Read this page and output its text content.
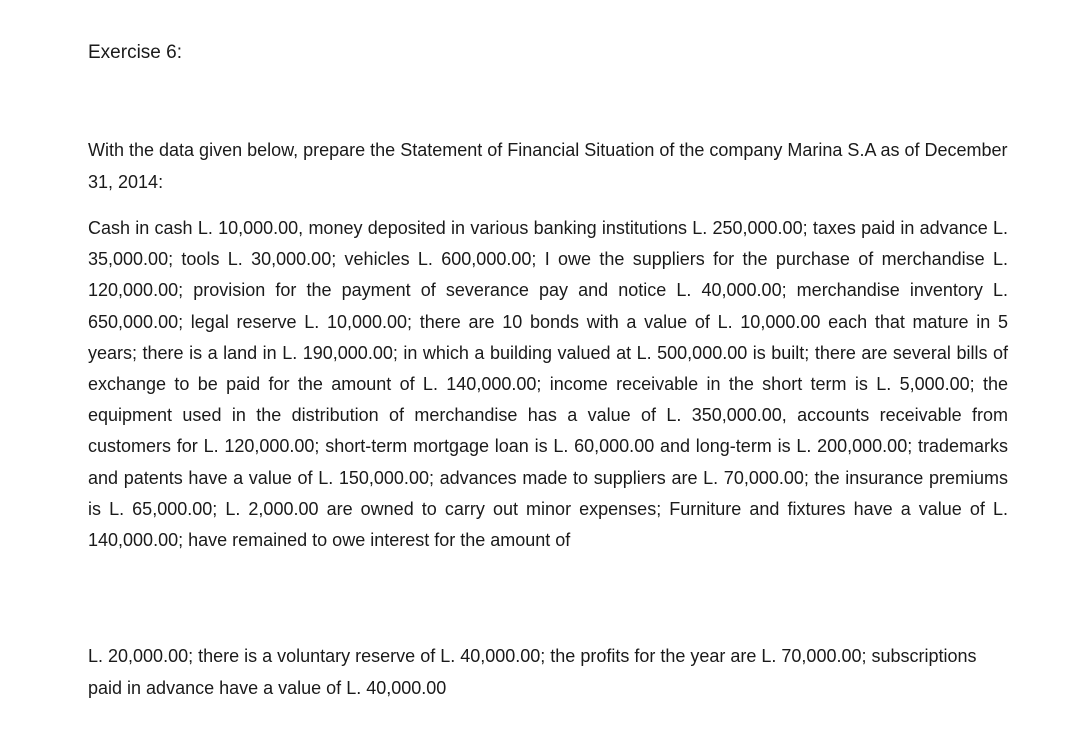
Exercise 6:

With the data given below, prepare the Statement of Financial Situation of the company Marina S.A as of December 31, 2014:

Cash in cash L. 10,000.00, money deposited in various banking institutions L. 250,000.00; taxes paid in advance L. 35,000.00; tools L. 30,000.00; vehicles L. 600,000.00; I owe the suppliers for the purchase of merchandise L. 120,000.00; provision for the payment of severance pay and notice L. 40,000.00; merchandise inventory L. 650,000.00; legal reserve L. 10,000.00; there are 10 bonds with a value of L. 10,000.00 each that mature in 5 years; there is a land in L. 190,000.00; in which a building valued at L. 500,000.00 is built; there are several bills of exchange to be paid for the amount of L. 140,000.00; income receivable in the short term is L. 5,000.00; the equipment used in the distribution of merchandise has a value of L. 350,000.00, accounts receivable from customers for L. 120,000.00; short-term mortgage loan is L. 60,000.00 and long-term is L. 200,000.00; trademarks and patents have a value of L. 150,000.00; advances made to suppliers are L. 70,000.00; the insurance premiums is L. 65,000.00; L. 2,000.00 are owned to carry out minor expenses; Furniture and fixtures have a value of L. 140,000.00; have remained to owe interest for the amount of

L. 20,000.00; there is a voluntary reserve of L. 40,000.00; the profits for the year are L. 70,000.00; subscriptions paid in advance have a value of L. 40,000.00
